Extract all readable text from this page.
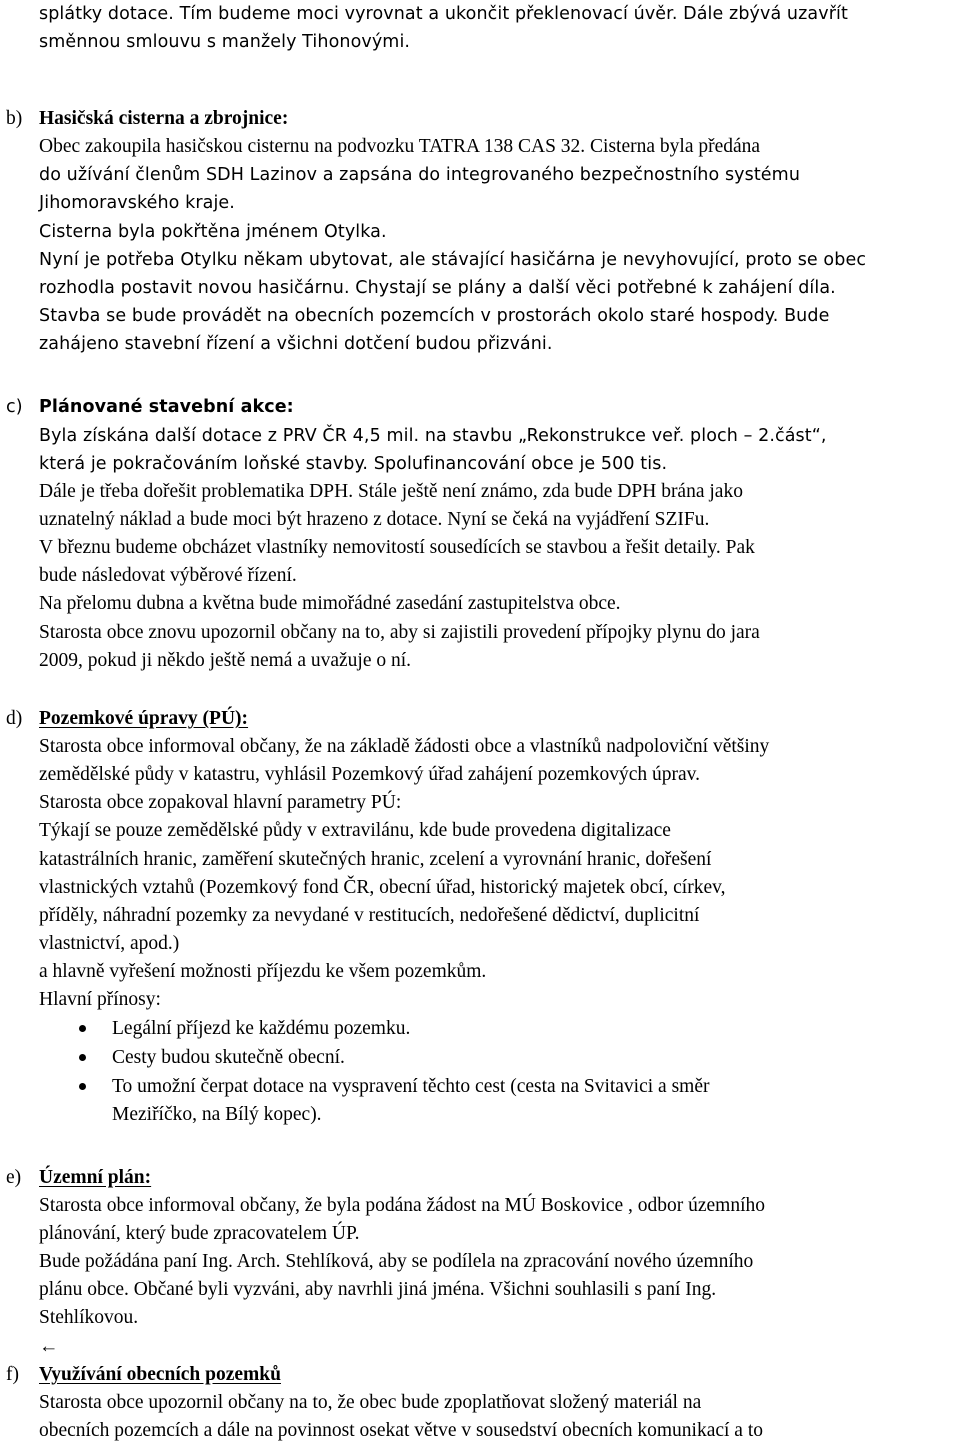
splátky dotace. Tím budeme moci vyrovnat a ukončit překlenovací úvěr. Dále zbývá uzavřít
směnnou smlouvu s manžely Tihonovými.
b) Hasičská cisterna a zbrojnice:
Obec zakoupila hasičskou cisternu na podvozku TATRA 138 CAS 32. Cisterna byla předána
do užívání členům SDH Lazinov a zapsána do integrovaného bezpečnostního systému
Jihomoravského kraje.
Cisterna byla pokřtěna jménem Otylka.
Nyní je potřeba Otylku někam ubytovat, ale stávající hasičárna je nevyhovující, proto se obec
rozhodla postavit novou hasičárnu. Chystají se plány a další věci potřebné k zahájení díla.
Stavba se bude provádět na obecních pozemcích v prostorách okolo staré hospody. Bude
zahájeno stavební řízení a všichni dotčení budou přizváni.
c) Plánované stavební akce:
Byla získána další dotace z PRV ČR 4,5 mil. na stavbu „Rekonstrukce veř. ploch – 2.část“,
která je pokračováním loňské stavby. Spolufinancování obce je 500 tis.
Dále je třeba dořešit problematika DPH. Stále ještě není známo, zda bude DPH brána jako
uznatelný náklad a bude moci být hrazeno z dotace. Nyní se čeká na vyjádření SZIFu.
V březnu budeme obcházet vlastníky nemovitostí sousedících se stavbou a řešit detaily. Pak
bude následovat výběrové řízení.
Na přelomu dubna a května bude mimořádné zasedání zastupitelstva obce.
Starosta obce znovu upozornil občany na to, aby si zajistili provedení přípojky plynu do jara
2009, pokud ji někdo ještě nemá a uvažuje o ní.
d) Pozemkové úpravy (PÚ):
Starosta obce informoval občany, že na základě žádosti obce a vlastníků nadpoloviční většiny
zemědělské půdy v katastru, vyhlásil Pozemkový úřad zahájení pozemkových úprav.
Starosta obce zopakoval hlavní parametry PÚ:
Týkají se pouze zemědělské půdy v extravilánu, kde bude provedena digitalizace
katastrálních hranic, zaměření skutečných hranic, zcelení a vyrovnání hranic, dořešení
vlastnických vztahů (Pozemkový fond ČR, obecní úřad, historický majetek obcí, církev,
příděly, náhradní pozemky za nevydané v restitucích, nedořešené dědictví, duplicitní
vlastnictví, apod.)
a hlavně vyřešení možnosti příjezdu ke všem pozemkům.
Hlavní přínosy:
Legální příjezd ke každému pozemku.
Cesty budou skutečně obecní.
To umožní čerpat dotace na vyspravení těchto cest (cesta na Svitavici a směr
Meziříčko, na Bílý kopec).
e) Územní plán:
Starosta obce informoval občany, že byla podána žádost na MÚ Boskovice , odbor územního
plánování, který bude zpracovatelem ÚP.
Bude požádána paní Ing. Arch. Stehlíková, aby se podílela na zpracování nového územního
plánu obce. Občané byli vyzváni, aby navrhli jiná jména. Všichni souhlasili s paní Ing.
Stehlíkovou.
←
f) Využívání obecních pozemků
Starosta obce upozornil občany na to, že obec bude zpoplatňovat složený materiál na
obecních pozemcích a dále na povinnost osekat větve v sousedství obecních komunikací a to
